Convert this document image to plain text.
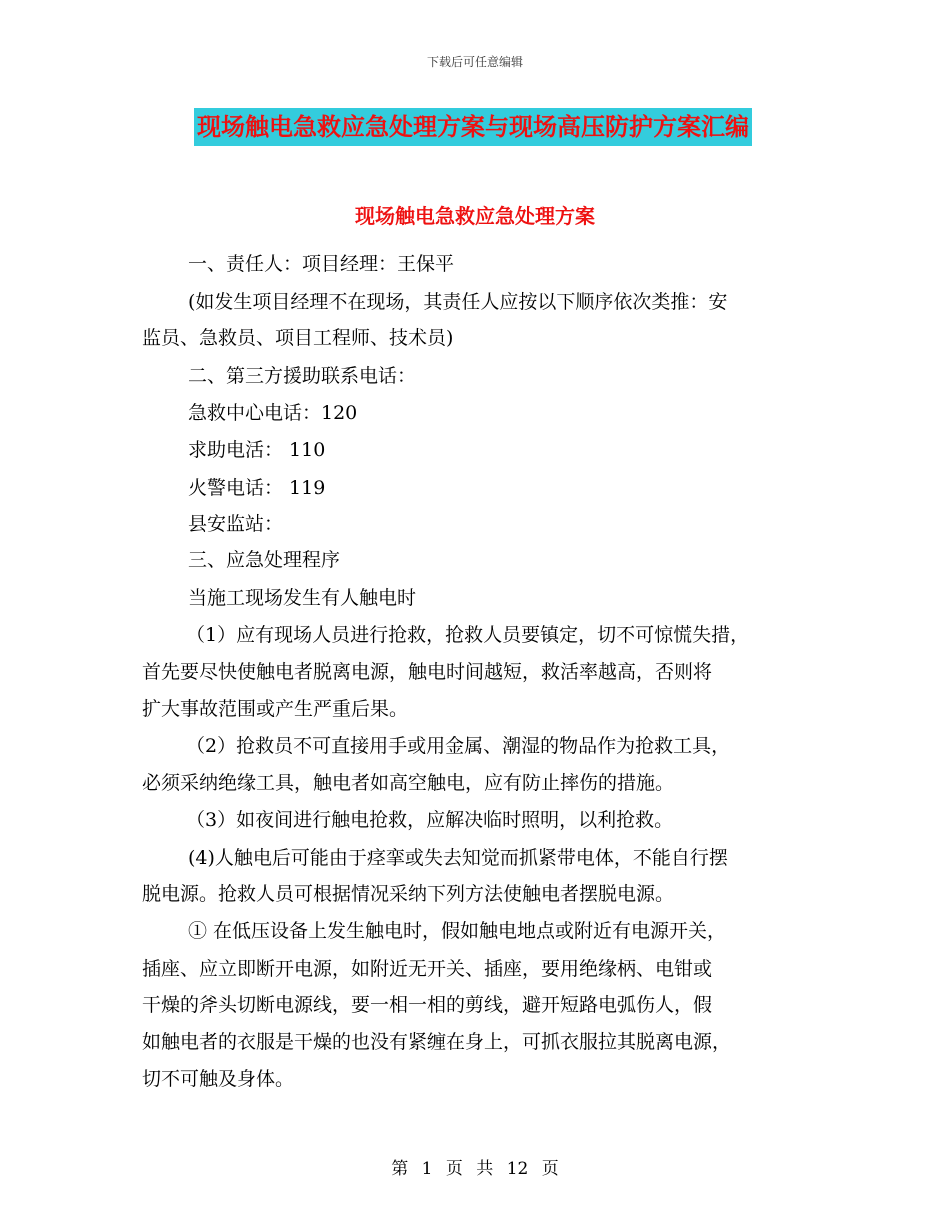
下载后可任意编辑
现场触电急救应急处理方案与现场高压防护方案汇编
现场触电急救应急处理方案
一、责任人：项目经理：王保平
(如发生项目经理不在现场，其责任人应按以下顺序依次类推：安
监员、急救员、项目工程师、技术员)
二、第三方援助联系电话：
急救中心电话：120
求助电活： 110
火警电话： 119
县安监站：
三、应急处理程序
当施工现场发生有人触电时
（1）应有现场人员进行抢救，抢救人员要镇定，切不可惊慌失措，
首先要尽快使触电者脱离电源，触电时间越短，救活率越高，否则将
扩大事故范围或产生严重后果。
（2）抢救员不可直接用手或用金属、潮湿的物品作为抢救工具，
必须采纳绝缘工具，触电者如高空触电，应有防止摔伤的措施。
（3）如夜间进行触电抢救，应解决临时照明，以利抢救。
(4)人触电后可能由于痉挛或失去知觉而抓紧带电体，不能自行摆
脱电源。抢救人员可根据情况采纳下列方法使触电者摆脱电源。
① 在低压设备上发生触电时，假如触电地点或附近有电源开关，
插座、应立即断开电源，如附近无开关、插座，要用绝缘柄、电钳或
干燥的斧头切断电源线，要一相一相的剪线，避开短路电弧伤人，假
如触电者的衣服是干燥的也没有紧缠在身上，可抓衣服拉其脱离电源，
切不可触及身体。
第 1 页 共 12 页
